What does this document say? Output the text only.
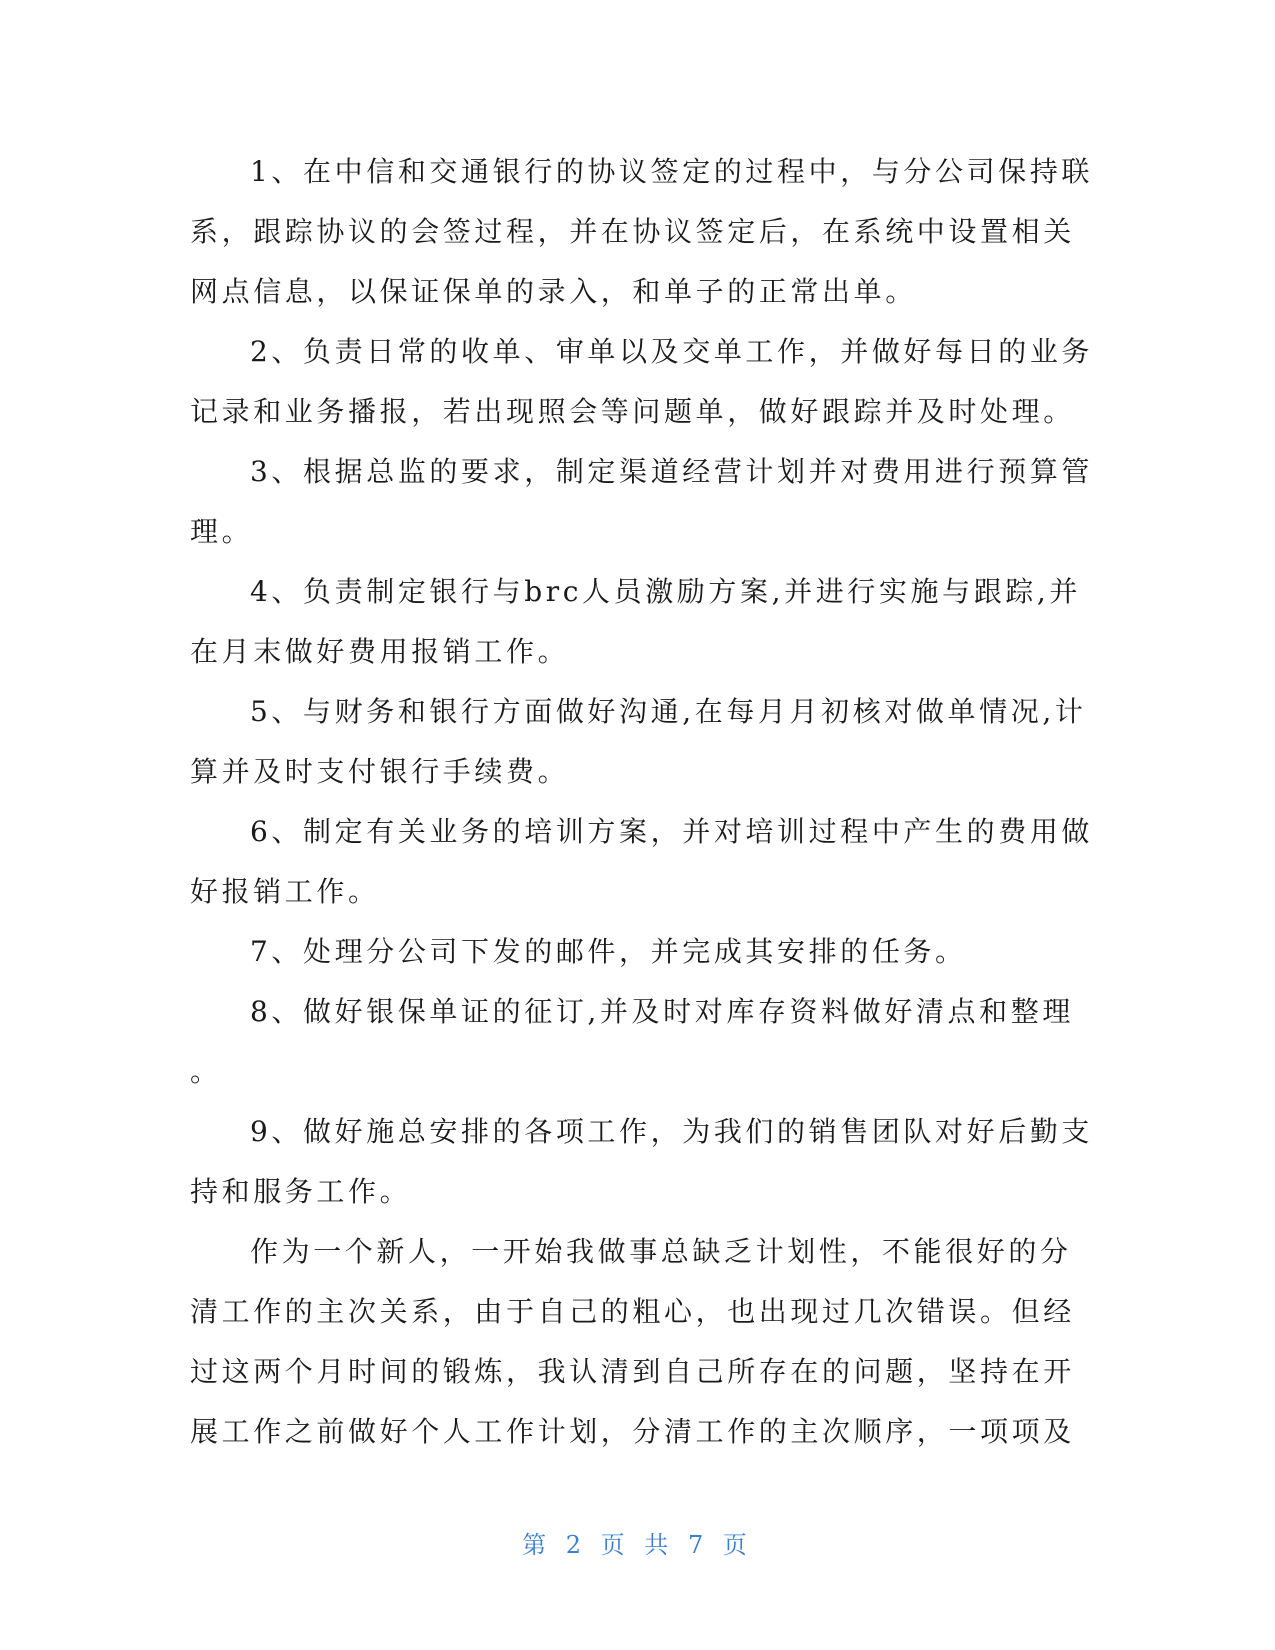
1、在中信和交通银行的协议签定的过程中，与分公司保持联
系，跟踪协议的会签过程，并在协议签定后，在系统中设置相关
网点信息，以保证保单的录入，和单子的正常出单。
2、负责日常的收单、审单以及交单工作，并做好每日的业务
记录和业务播报，若出现照会等问题单，做好跟踪并及时处理。
3、根据总监的要求，制定渠道经营计划并对费用进行预算管
理。
4、负责制定银行与brc人员激励方案,并进行实施与跟踪,并
在月末做好费用报销工作。
5、与财务和银行方面做好沟通,在每月月初核对做单情况,计
算并及时支付银行手续费。
6、制定有关业务的培训方案，并对培训过程中产生的费用做
好报销工作。
7、处理分公司下发的邮件，并完成其安排的任务。
8、做好银保单证的征订,并及时对库存资料做好清点和整理
。
9、做好施总安排的各项工作，为我们的销售团队对好后勤支
持和服务工作。
作为一个新人，一开始我做事总缺乏计划性，不能很好的分
清工作的主次关系，由于自己的粗心，也出现过几次错误。但经
过这两个月时间的锻炼，我认清到自己所存在的问题，坚持在开
展工作之前做好个人工作计划，分清工作的主次顺序，一项项及
第 2 页 共 7 页
